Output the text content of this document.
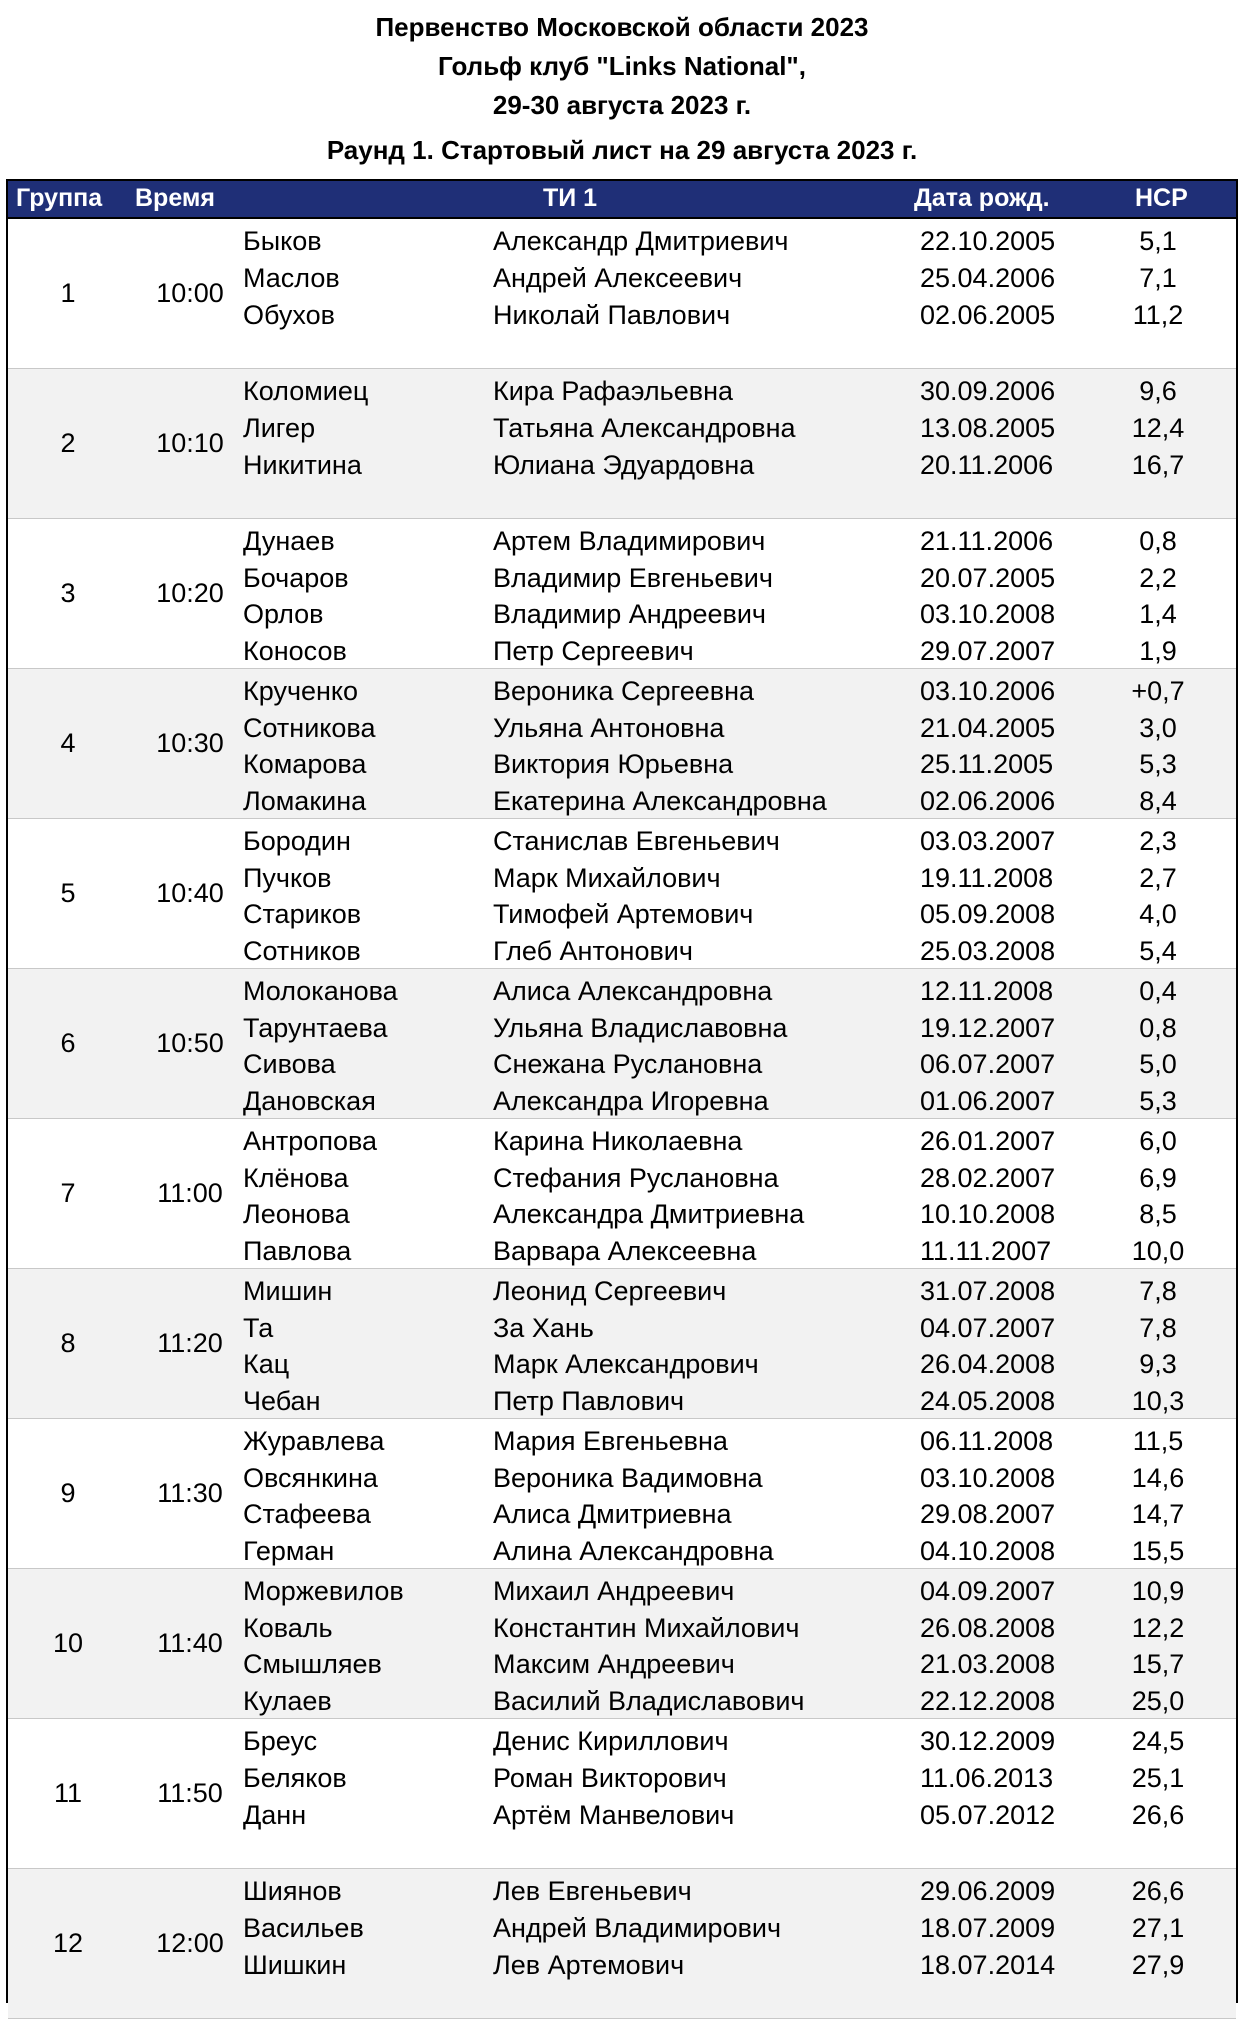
Первенство Московской области 2023
Гольф клуб "Links National",
29-30 августа 2023 г.
Раунд 1. Стартовый лист на 29 августа 2023 г.
Группа Время	ТИ 1	Дата рожд.	HCP
1	10:00
Быков	Александр Дмитриевич	22.10.2005	5,1
Маслов	Андрей Алексеевич	25.04.2006	7,1
Обухов	Николай Павлович	02.06.2005	11,2
2	10:10
Коломиец	Кира Рафаэльевна	30.09.2006	9,6
Лигер	Татьяна Александровна	13.08.2005	12,4
Никитина	Юлиана Эдуардовна	20.11.2006	16,7
3	10:20
Дунаев	Артем Владимирович	21.11.2006	0,8
Бочаров	Владимир Евгеньевич	20.07.2005	2,2
Орлов	Владимир Андреевич	03.10.2008	1,4
Коносов	Петр Сергеевич	29.07.2007	1,9
4	10:30
Крученко	Вероника Сергеевна	03.10.2006	+0,7
Сотникова	Ульяна Антоновна	21.04.2005	3,0
Комарова	Виктория Юрьевна	25.11.2005	5,3
Ломакина	Екатерина Александровна	02.06.2006	8,4
5	10:40
Бородин	Станислав Евгеньевич	03.03.2007	2,3
Пучков	Марк Михайлович	19.11.2008	2,7
Стариков	Тимофей Артемович	05.09.2008	4,0
Сотников	Глеб Антонович	25.03.2008	5,4
6	10:50
Молоканова	Алиса Александровна	12.11.2008	0,4
Тарунтаева	Ульяна Владиславовна	19.12.2007	0,8
Сивова	Снежана Руслановна	06.07.2007	5,0
Дановская	Александра Игоревна	01.06.2007	5,3
7	11:00
Антропова	Карина Николаевна	26.01.2007	6,0
Клёнова	Стефания Руслановна	28.02.2007	6,9
Леонова	Александра Дмитриевна	10.10.2008	8,5
Павлова	Варвара Алексеевна	11.11.2007	10,0
8	11:20
Мишин	Леонид Сергеевич	31.07.2008	7,8
Та	За Хань	04.07.2007	7,8
Кац	Марк Александрович	26.04.2008	9,3
Чебан	Петр Павлович	24.05.2008	10,3
9	11:30
Журавлева	Мария Евгеньевна	06.11.2008	11,5
Овсянкина	Вероника Вадимовна	03.10.2008	14,6
Стафеева	Алиса Дмитриевна	29.08.2007	14,7
Герман	Алина Александровна	04.10.2008	15,5
10	11:40
Моржевилов	Михаил Андреевич	04.09.2007	10,9
Коваль	Константин Михайлович	26.08.2008	12,2
Смышляев	Максим Андреевич	21.03.2008	15,7
Кулаев	Василий Владиславович	22.12.2008	25,0
11	11:50
Бреус	Денис Кириллович	30.12.2009	24,5
Беляков	Роман Викторович	11.06.2013	25,1
Данн	Артём Манвелович	05.07.2012	26,6
12	12:00
Шиянов	Лев Евгеньевич	29.06.2009	26,6
Васильев	Андрей Владимирович	18.07.2009	27,1
Шишкин	Лев Артемович	18.07.2014	27,9
